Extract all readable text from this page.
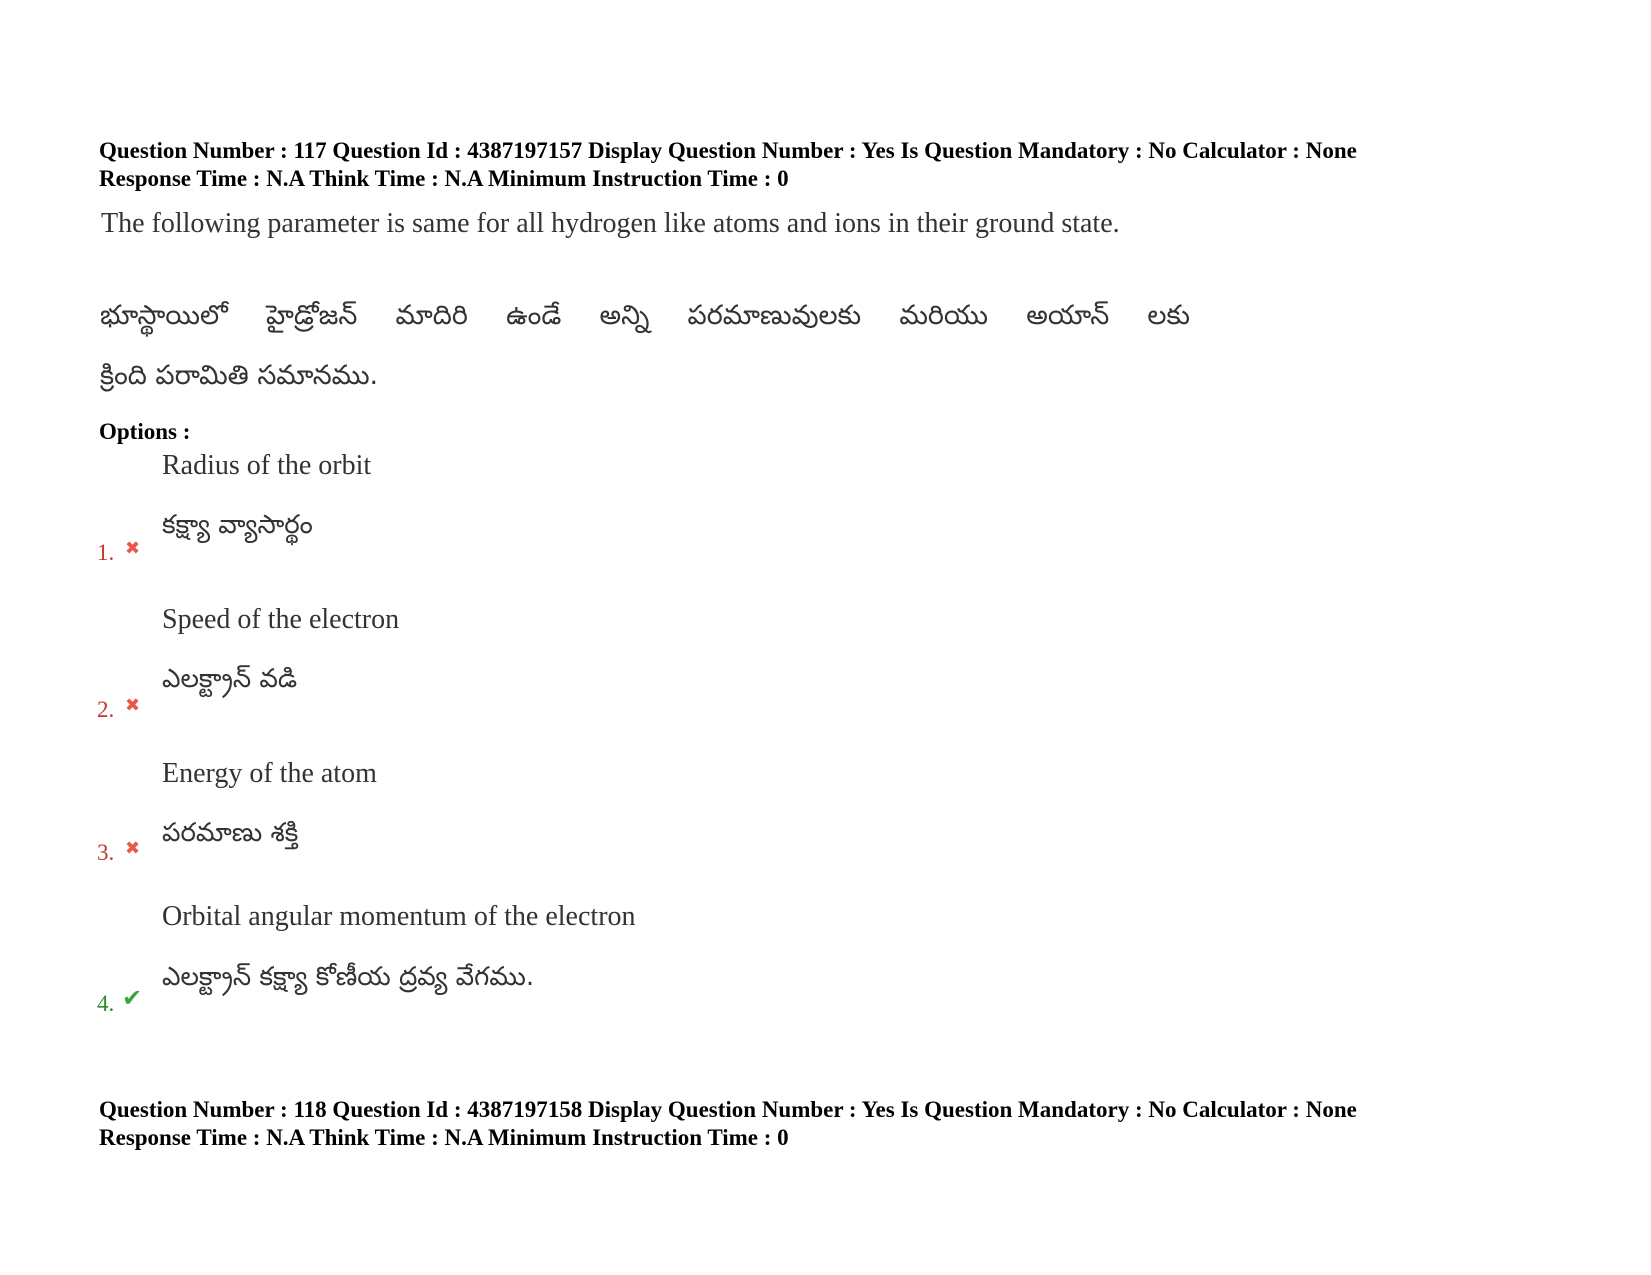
Question Number : 117 Question Id : 4387197157 Display Question Number : Yes Is Question Mandatory : No Calculator : None
Response Time : N.A Think Time : N.A Minimum Instruction Time : 0
The following parameter is same for all hydrogen like atoms and ions in their ground state.
భూస్థాయిలో హైడ్రోజన్ మాదిరి ఉండే అన్ని పరమాణువులకు మరియు అయాన్ లకు
క్రింది పరామితి సమానము.
Options :
Radius of the orbit
కక్ష్యా వ్యాసార్థం
1. ✖
Speed of the electron
ఎలక్ట్రాన్ వడి
2. ✖
Energy of the atom
పరమాణు శక్తి
3. ✖
Orbital angular momentum of the electron
ఎలక్ట్రాన్ కక్ష్యా కోణీయ ద్రవ్య వేగము.
4. ✔
Question Number : 118 Question Id : 4387197158 Display Question Number : Yes Is Question Mandatory : No Calculator : None
Response Time : N.A Think Time : N.A Minimum Instruction Time : 0
